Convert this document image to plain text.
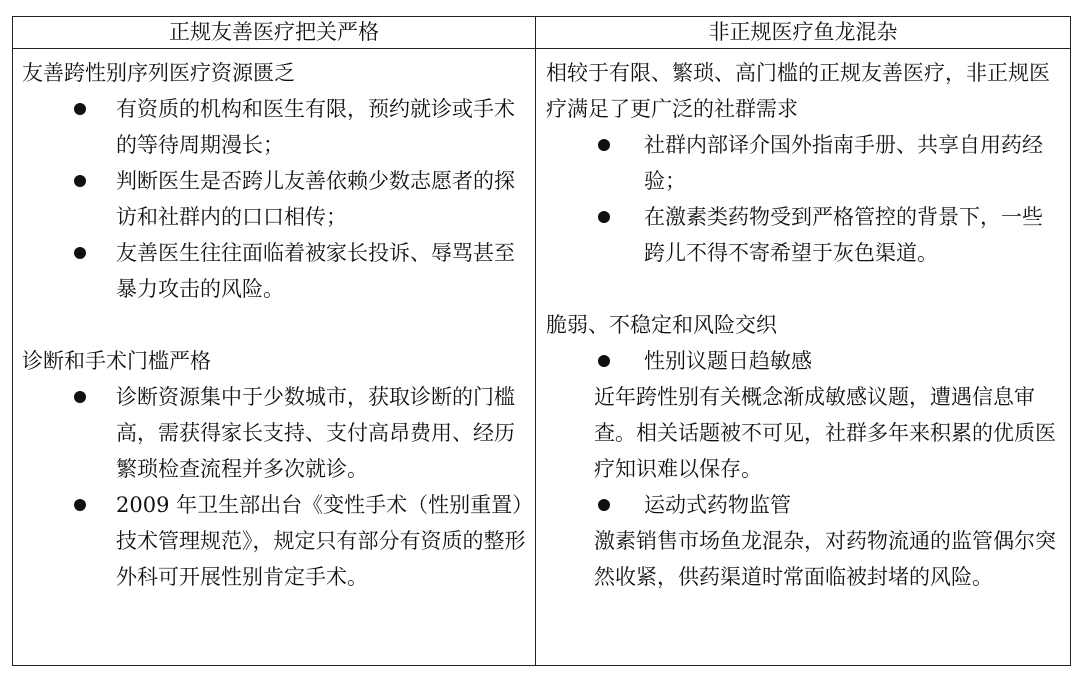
正规友善医疗把关严格	非正规医疗鱼龙混杂

友善跨性别序列医疗资源匮乏

有资质的机构和医生有限，预约就诊或手术的等待周期漫长；

判断医生是否跨儿友善依赖少数志愿者的探访和社群内的口口相传；

友善医生往往面临着被家长投诉、辱骂甚至暴力攻击的风险。

诊断和手术门槛严格

诊断资源集中于少数城市，获取诊断的门槛高，需获得家长支持、支付高昂费用、经历繁琐检查流程并多次就诊。

2009 年卫生部出台《变性手术（性别重置）技术管理规范》，规定只有部分有资质的整形外科可开展性别肯定手术。

相较于有限、繁琐、高门槛的正规友善医疗，非正规医疗满足了更广泛的社群需求

社群内部译介国外指南手册、共享自用药经验；

在激素类药物受到严格管控的背景下，一些跨儿不得不寄希望于灰色渠道。

脆弱、不稳定和风险交织

性别议题日趋敏感

近年跨性别有关概念渐成敏感议题，遭遇信息审查。相关话题被不可见，社群多年来积累的优质医疗知识难以保存。

运动式药物监管

激素销售市场鱼龙混杂，对药物流通的监管偶尔突然收紧，供药渠道时常面临被封堵的风险。
